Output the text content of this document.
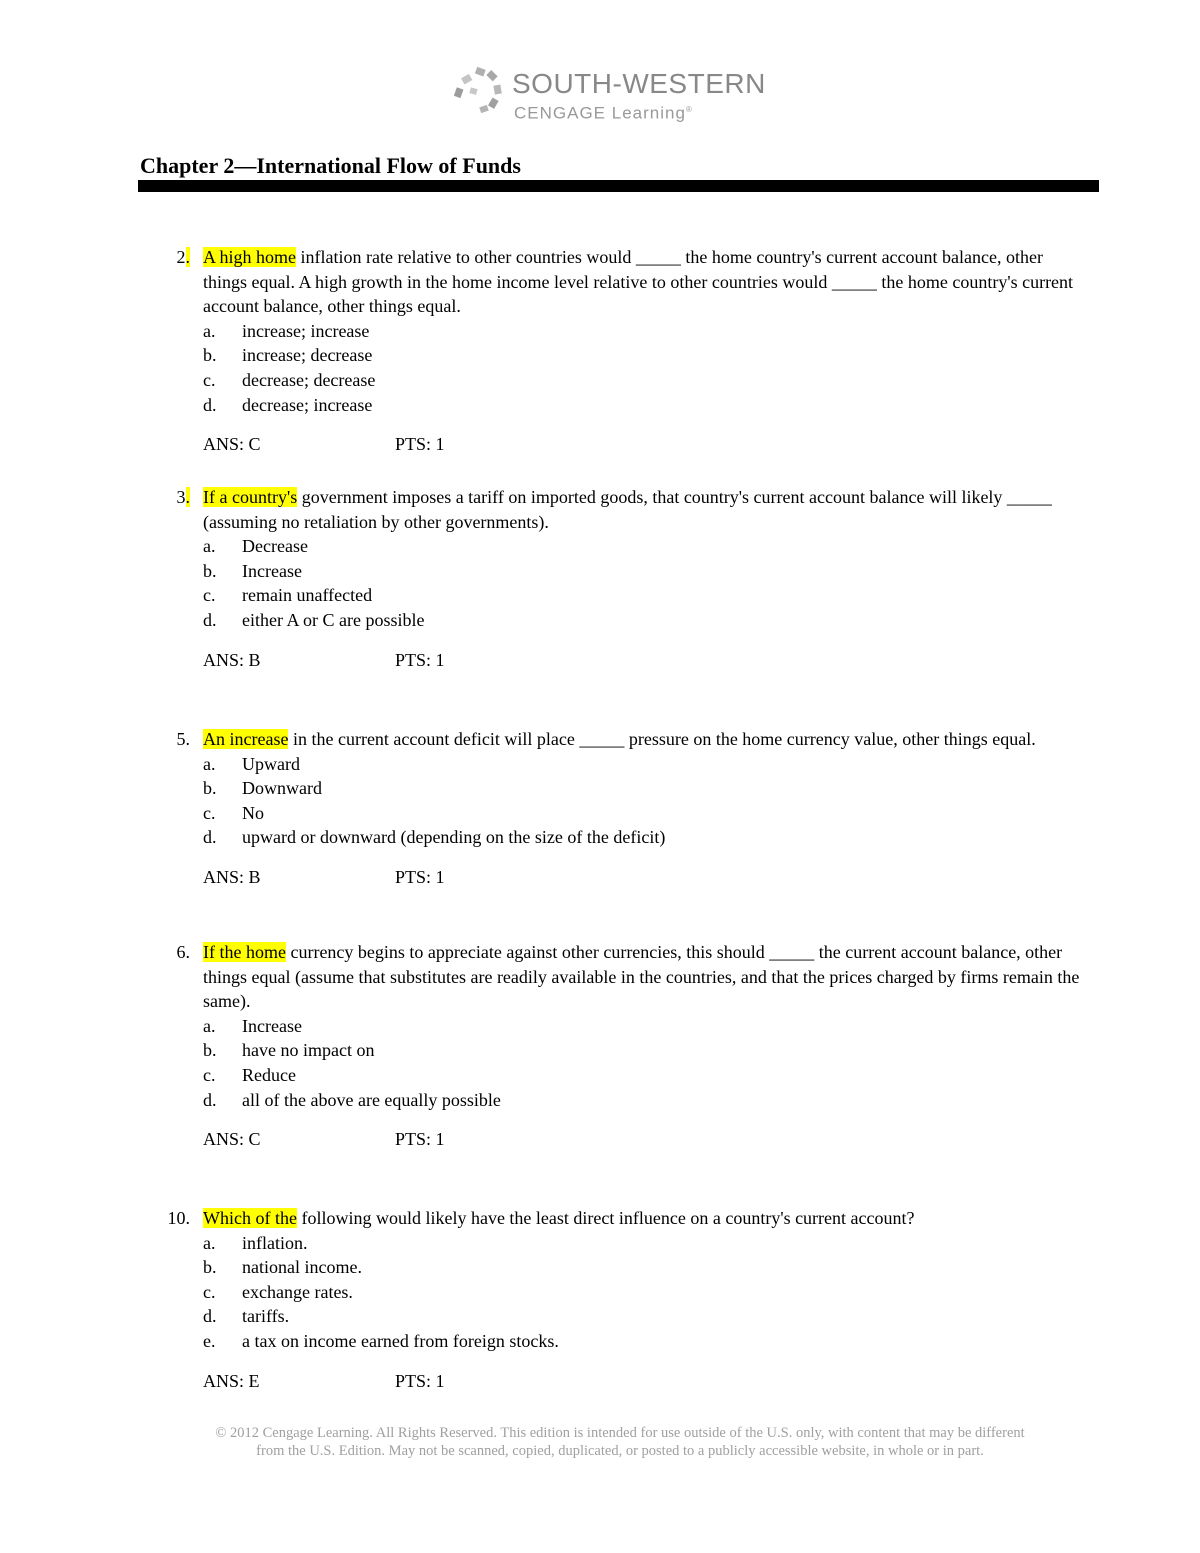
SOUTH-WESTERN
CENGAGE Learning®
Chapter 2—International Flow of Funds
2. A high home inflation rate relative to other countries would _____ the home country's current account balance, other things equal. A high growth in the home income level relative to other countries would _____ the home country's current account balance, other things equal.
a.	increase; increase
b.	increase; decrease
c.	decrease; decrease
d.	decrease; increase
ANS: C	PTS: 1
3. If a country's government imposes a tariff on imported goods, that country's current account balance will likely _____ (assuming no retaliation by other governments).
a.	Decrease
b.	Increase
c.	remain unaffected
d.	either A or C are possible
ANS: B	PTS: 1
5. An increase in the current account deficit will place _____ pressure on the home currency value, other things equal.
a.	Upward
b.	Downward
c.	No
d.	upward or downward (depending on the size of the deficit)
ANS: B	PTS: 1
6. If the home currency begins to appreciate against other currencies, this should _____ the current account balance, other things equal (assume that substitutes are readily available in the countries, and that the prices charged by firms remain the same).
a.	Increase
b.	have no impact on
c.	Reduce
d.	all of the above are equally possible
ANS: C	PTS: 1
10. Which of the following would likely have the least direct influence on a country's current account?
a.	inflation.
b.	national income.
c.	exchange rates.
d.	tariffs.
e.	a tax on income earned from foreign stocks.
ANS: E	PTS: 1
© 2012 Cengage Learning. All Rights Reserved. This edition is intended for use outside of the U.S. only, with content that may be different
from the U.S. Edition. May not be scanned, copied, duplicated, or posted to a publicly accessible website, in whole or in part.
